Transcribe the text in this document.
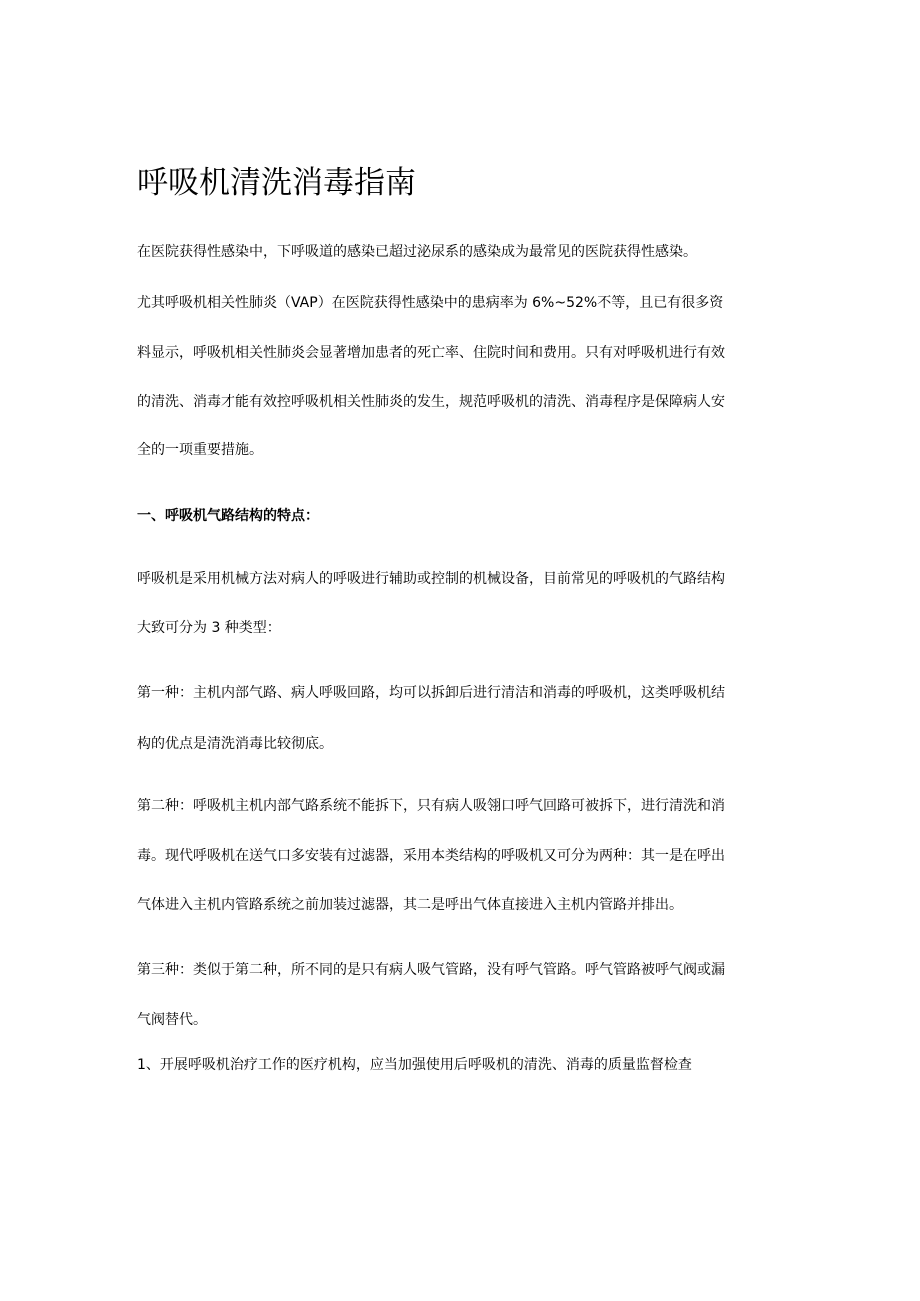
呼吸机清洗消毒指南
在医院获得性感染中，下呼吸道的感染已超过泌尿系的感染成为最常见的医院获得性感染。
尤其呼吸机相关性肺炎（VAP）在医院获得性感染中的患病率为 6%~52%不等，且已有很多资
料显示，呼吸机相关性肺炎会显著增加患者的死亡率、住院时间和费用。只有对呼吸机进行有效
的清洗、消毒才能有效控呼吸机相关性肺炎的发生，规范呼吸机的清洗、消毒程序是保障病人安
全的一项重要措施。
一、呼吸机气路结构的特点：
呼吸机是采用机械方法对病人的呼吸进行辅助或控制的机械设备，目前常见的呼吸机的气路结构
大致可分为 3 种类型：
第一种：主机内部气路、病人呼吸回路，均可以拆卸后进行清洁和消毒的呼吸机，这类呼吸机结
构的优点是清洗消毒比较彻底。
第二种：呼吸机主机内部气路系统不能拆下，只有病人吸翎口呼气回路可被拆下，进行清洗和消
毒。现代呼吸机在送气口多安装有过滤器，采用本类结构的呼吸机又可分为两种：其一是在呼出
气体进入主机内管路系统之前加装过滤器，其二是呼出气体直接进入主机内管路并排出。
第三种：类似于第二种，所不同的是只有病人吸气管路，没有呼气管路。呼气管路被呼气阀或漏
气阀替代。
1、开展呼吸机治疗工作的医疗机构，应当加强使用后呼吸机的清洗、消毒的质量监督检查
